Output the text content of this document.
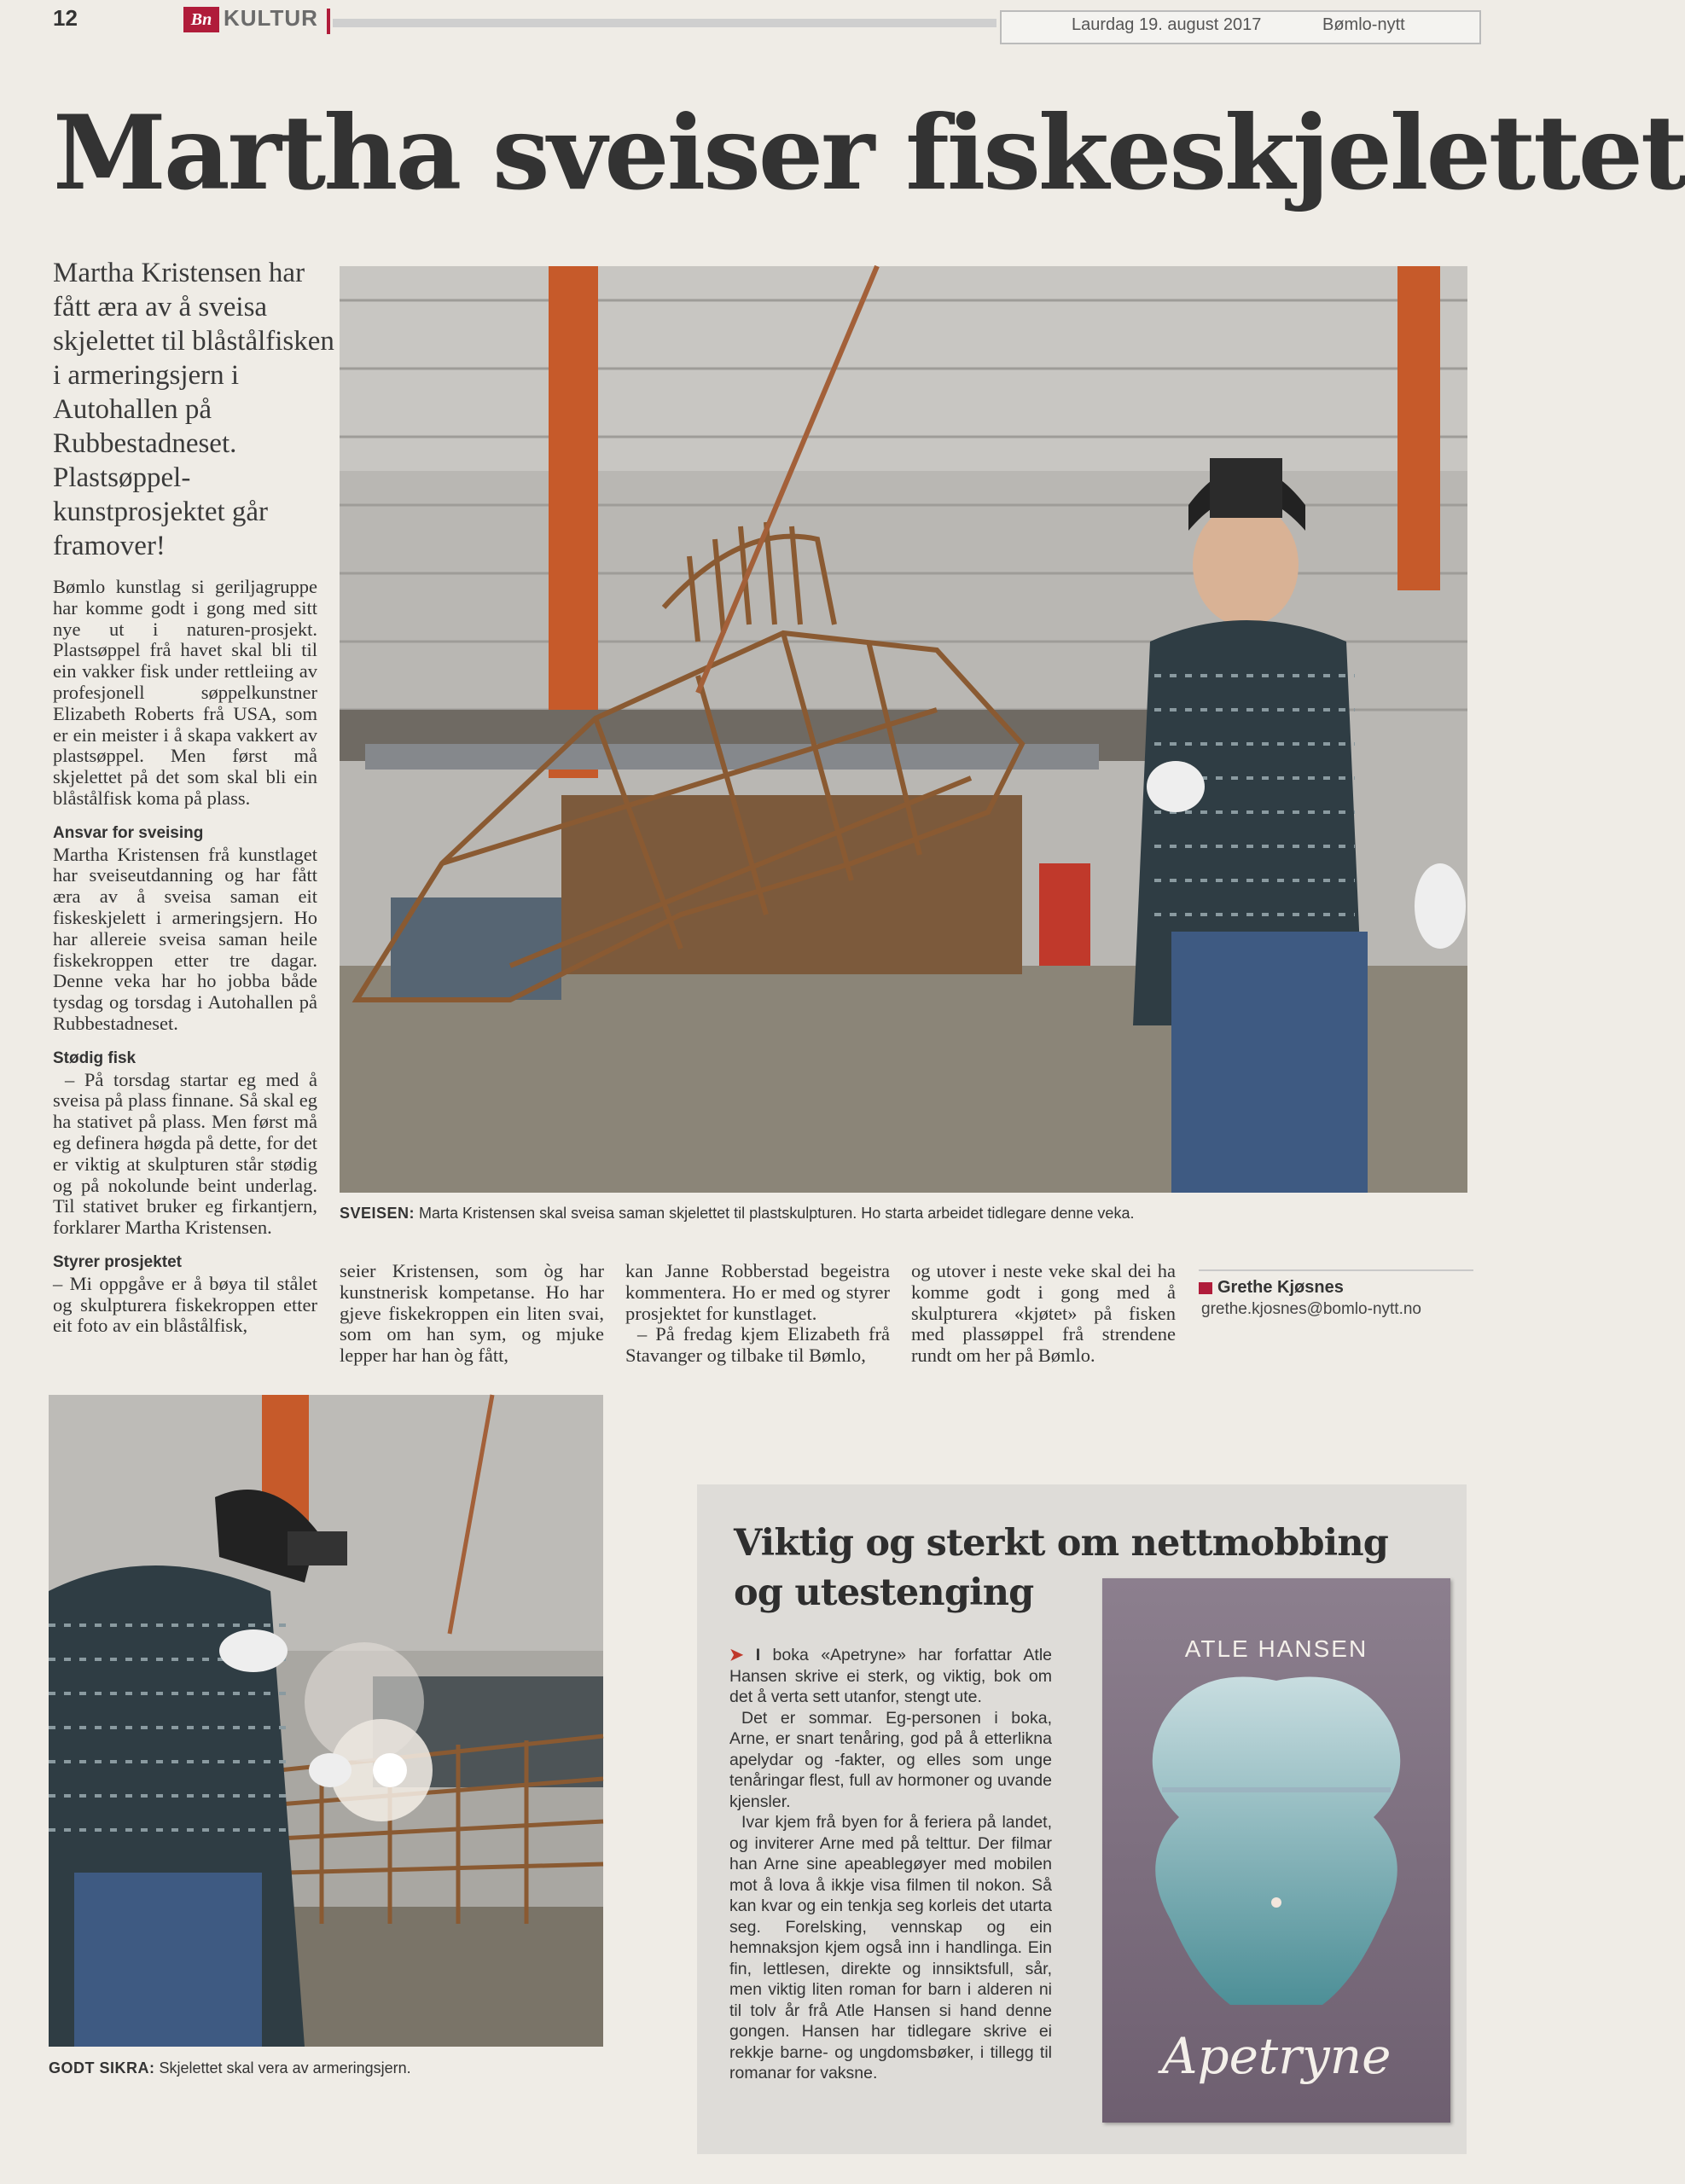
12	Bn KULTUR	Laurdag 19. august 2017	Bømlo-nytt
Martha sveiser fiskeskjelettet
Martha Kristensen har fått æra av å sveisa skjelettet til blåstålfisken i armeringsjern i Autohallen på Rubbestadneset. Plastsøppel-kunstprosjektet går framover!

Bømlo kunstlag si geriljagruppe har komme godt i gong med sitt nye ut i naturen-prosjekt. Plastsøppel frå havet skal bli til ein vakker fisk under rettleiing av profesjonell søppelkunstner Elizabeth Roberts frå USA, som er ein meister i å skapa vakkert av plastsøppel. Men først må skjelettet på det som skal bli ein blåstålfisk koma på plass.

Ansvar for sveising

Martha Kristensen frå kunstlaget har sveiseutdanning og har fått æra av å sveisa saman eit fiskeskjelett i armeringsjern. Ho har allereie sveisa saman heile fiskekroppen etter tre dagar. Denne veka har ho jobba både tysdag og torsdag i Autohallen på Rubbestadneset.

Stødig fisk

– På torsdag startar eg med å sveisa på plass finnane. Så skal eg ha stativet på plass. Men først må eg definera høgda på dette, for det er viktig at skulpturen står stødig og på nokolunde beint underlag. Til stativet bruker eg firkantjern, forklarer Martha Kristensen.

Styrer prosjektet

– Mi oppgåve er å bøya til stålet og skulpturera fiskekroppen etter eit foto av ein blåstålfisk,

SVEISEN: Marta Kristensen skal sveisa saman skjelettet til plastskulpturen. Ho starta arbeidet tidlegare denne veka.
seier Kristensen, som òg har kunstnerisk kompetanse. Ho har gjeve fiskekroppen ein liten svai, som om han sym, og mjuke lepper har han òg fått,

kan Janne Robberstad begeistra kommentera. Ho er med og styrer prosjektet for kunstlaget.

– På fredag kjem Elizabeth frå Stavanger og tilbake til Bømlo,

og utover i neste veke skal dei ha komme godt i gong med å skulpturera «kjøtet» på fisken med plassøppel frå strendene rundt om her på Bømlo.
Grethe Kjøsnes
grethe.kjosnes@bomlo-nytt.no
GODT SIKRA: Skjelettet skal vera av armeringsjern.
Viktig og sterkt om nettmobbing og utestenging

➤ I boka «Apetryne» har forfattar Atle Hansen skrive ei sterk, og viktig, bok om det å verta sett utanfor, stengt ute.

Det er sommar. Eg-personen i boka, Arne, er snart tenåring, god på å etterlikna apelydar og -fakter, og elles som unge tenåringar flest, full av hormoner og uvande kjensler.

Ivar kjem frå byen for å feriera på landet, og inviterer Arne med på telttur. Der filmar han Arne sine apeablegøyer med mobilen mot å lova å ikkje visa filmen til nokon. Så kan kvar og ein tenkja seg korleis det utarta seg. Forelsking, vennskap og ein hemnaksjon kjem også inn i handlinga. Ein fin, lettlesen, direkte og innsiktsfull, sår, men viktig liten roman for barn i alderen ni til tolv år frå Atle Hansen si hand denne gongen. Hansen har tidlegare skrive ei rekkje barne- og ungdomsbøker, i tillegg til romanar for vaksne.

ATLE HANSEN
Apetryne
